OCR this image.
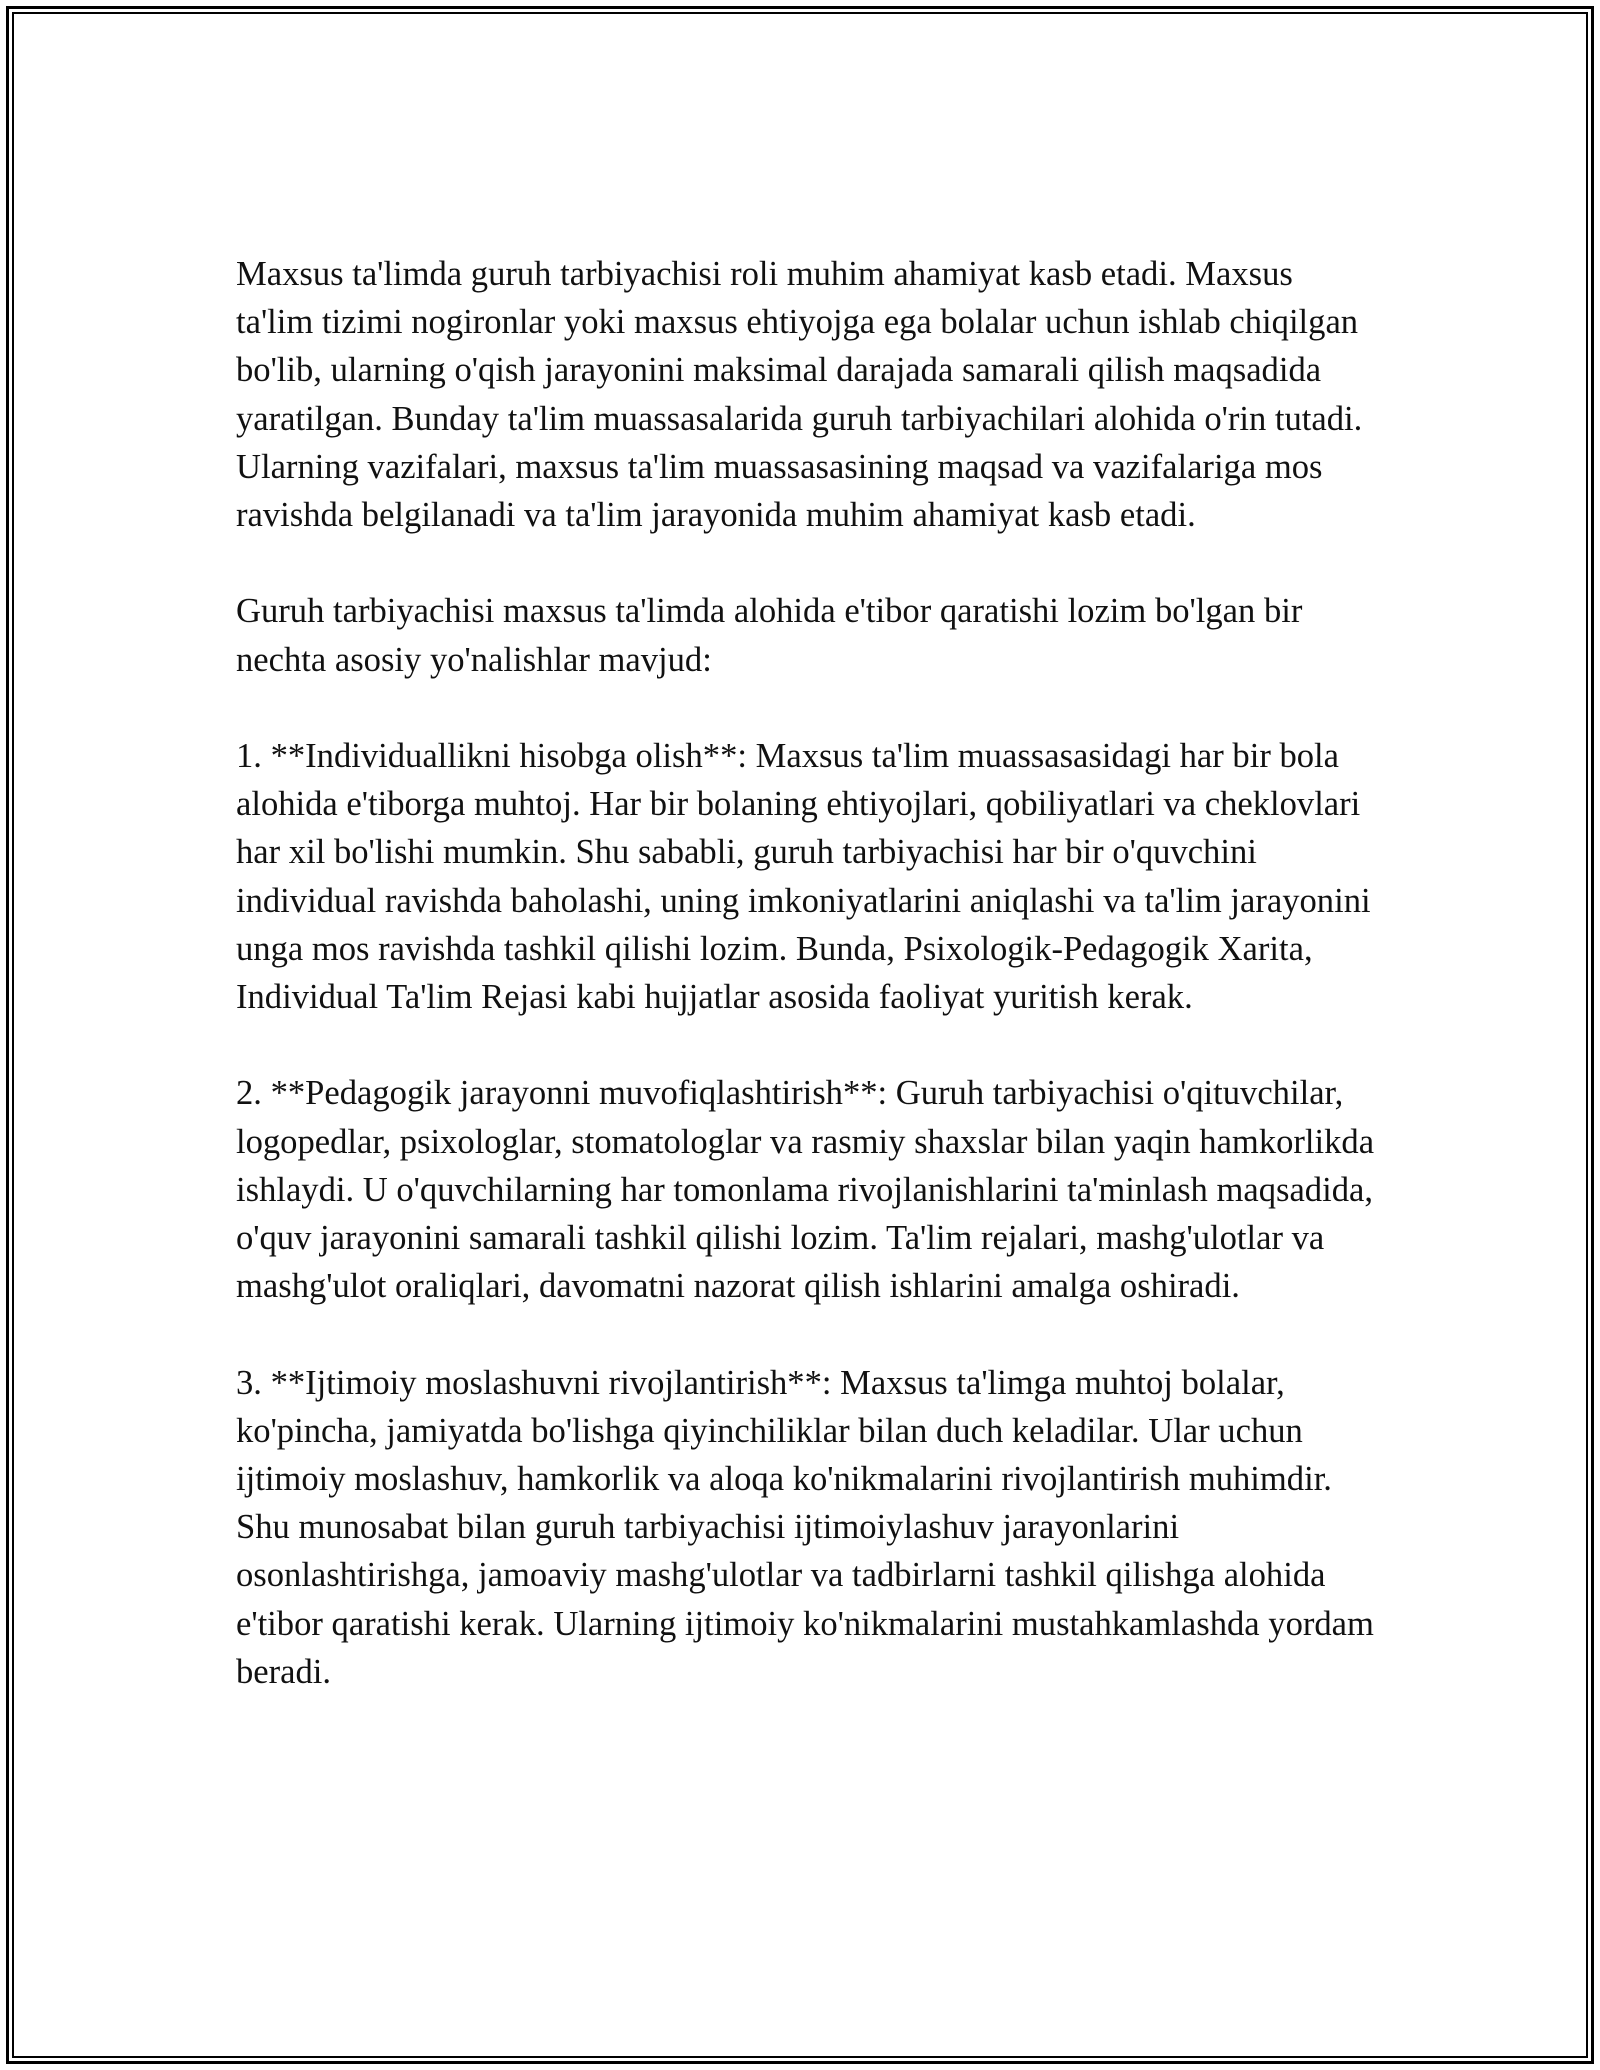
Maxsus ta'limda guruh tarbiyachisi roli muhim ahamiyat kasb etadi. Maxsus ta'lim tizimi nogironlar yoki maxsus ehtiyojga ega bolalar uchun ishlab chiqilgan bo'lib, ularning o'qish jarayonini maksimal darajada samarali qilish maqsadida yaratilgan. Bunday ta'lim muassasalarida guruh tarbiyachilari alohida o'rin tutadi. Ularning vazifalari, maxsus ta'lim muassasasining maqsad va vazifalariga mos ravishda belgilanadi va ta'lim jarayonida muhim ahamiyat kasb etadi.

Guruh tarbiyachisi maxsus ta'limda alohida e'tibor qaratishi lozim bo'lgan bir nechta asosiy yo'nalishlar mavjud:

1. **Individuallikni hisobga olish**: Maxsus ta'lim muassasasidagi har bir bola alohida e'tiborga muhtoj. Har bir bolaning ehtiyojlari, qobiliyatlari va cheklovlari har xil bo'lishi mumkin. Shu sababli, guruh tarbiyachisi har bir o'quvchini individual ravishda baholashi, uning imkoniyatlarini aniqlashi va ta'lim jarayonini unga mos ravishda tashkil qilishi lozim. Bunda, Psixologik-Pedagogik Xarita, Individual Ta'lim Rejasi kabi hujjatlar asosida faoliyat yuritish kerak.

2. **Pedagogik jarayonni muvofiqlashtirish**: Guruh tarbiyachisi o'qituvchilar, logopedlar, psixologlar, stomatologlar va rasmiy shaxslar bilan yaqin hamkorlikda ishlaydi. U o'quvchilarning har tomonlama rivojlanishlarini ta'minlash maqsadida, o'quv jarayonini samarali tashkil qilishi lozim. Ta'lim rejalari, mashg'ulotlar va mashg'ulot oraliqlari, davomatni nazorat qilish ishlarini amalga oshiradi.

3. **Ijtimoiy moslashuvni rivojlantirish**: Maxsus ta'limga muhtoj bolalar, ko'pincha, jamiyatda bo'lishga qiyinchiliklar bilan duch keladilar. Ular uchun ijtimoiy moslashuv, hamkorlik va aloqa ko'nikmalarini rivojlantirish muhimdir. Shu munosabat bilan guruh tarbiyachisi ijtimoiylashuv jarayonlarini osonlashtirishga, jamoaviy mashg'ulotlar va tadbirlarni tashkil qilishga alohida e'tibor qaratishi kerak. Ularning ijtimoiy ko'nikmalarini mustahkamlashda yordam beradi.
